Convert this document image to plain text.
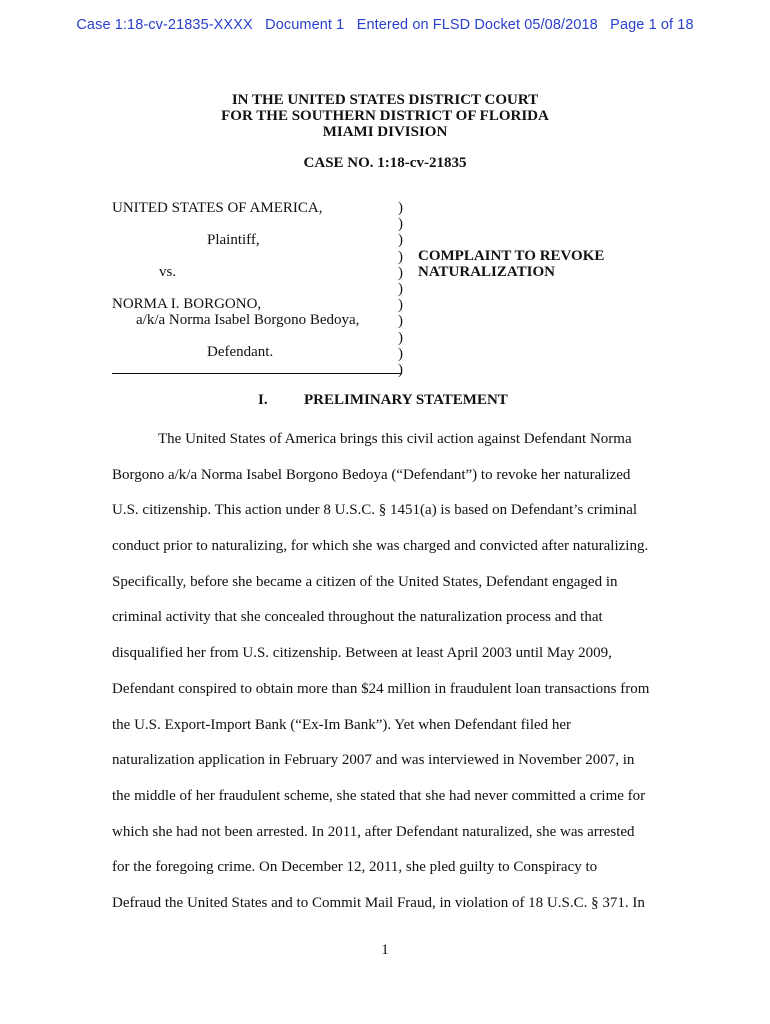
Case 1:18-cv-21835-XXXX   Document 1   Entered on FLSD Docket 05/08/2018   Page 1 of 18
IN THE UNITED STATES DISTRICT COURT
FOR THE SOUTHERN DISTRICT OF FLORIDA
MIAMI DIVISION
CASE NO. 1:18-cv-21835
UNITED STATES OF AMERICA,
Plaintiff,
vs.
NORMA I. BORGONO,
a/k/a Norma Isabel Borgono Bedoya,
Defendant.
)
)
)
)
)
)
)
)
)
)
)
COMPLAINT TO REVOKE
NATURALIZATION
I. PRELIMINARY STATEMENT
The United States of America brings this civil action against Defendant Norma
Borgono a/k/a Norma Isabel Borgono Bedoya (“Defendant”) to revoke her naturalized
U.S. citizenship. This action under 8 U.S.C. § 1451(a) is based on Defendant’s criminal
conduct prior to naturalizing, for which she was charged and convicted after naturalizing.
Specifically, before she became a citizen of the United States, Defendant engaged in
criminal activity that she concealed throughout the naturalization process and that
disqualified her from U.S. citizenship. Between at least April 2003 until May 2009,
Defendant conspired to obtain more than $24 million in fraudulent loan transactions from
the U.S. Export-Import Bank (“Ex-Im Bank”). Yet when Defendant filed her
naturalization application in February 2007 and was interviewed in November 2007, in
the middle of her fraudulent scheme, she stated that she had never committed a crime for
which she had not been arrested. In 2011, after Defendant naturalized, she was arrested
for the foregoing crime. On December 12, 2011, she pled guilty to Conspiracy to
Defraud the United States and to Commit Mail Fraud, in violation of 18 U.S.C. § 371. In
1
